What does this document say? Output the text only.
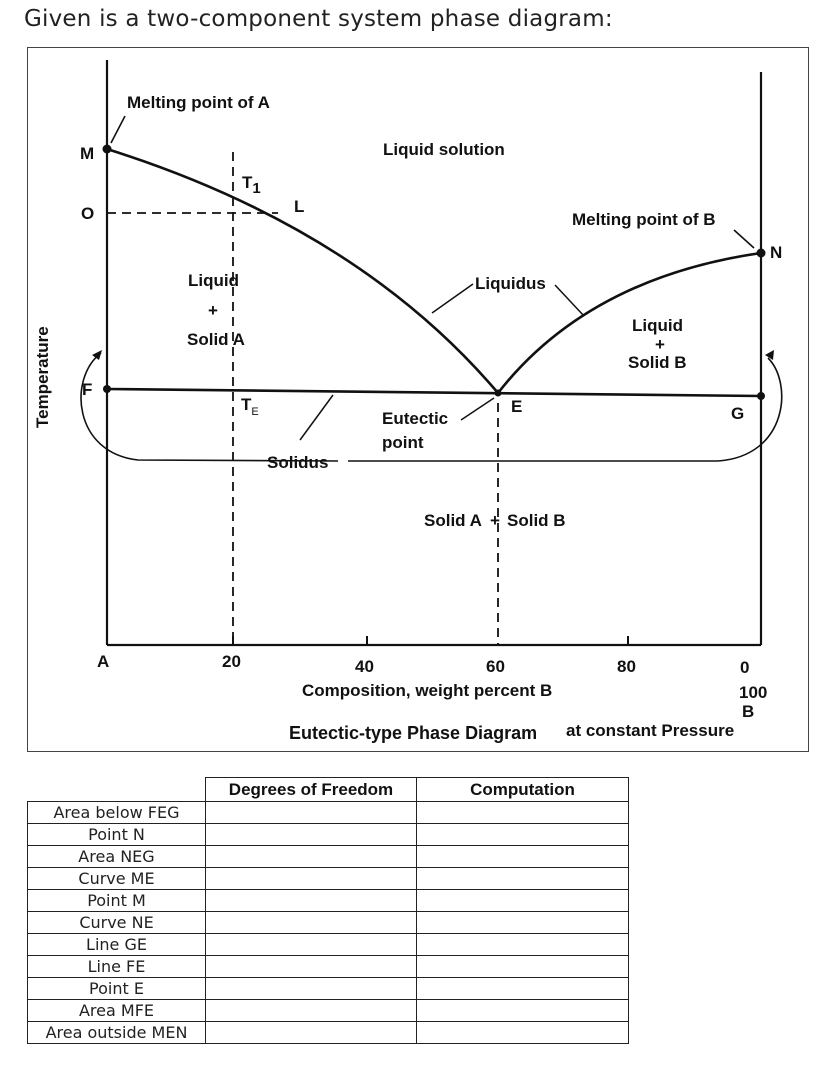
Given is a two-component system phase diagram:
Temperature
M
O
F
L
N
E	G
T1
$T_E$
Melting point of A
Liquid solution
Melting point of B
Liquidus
Liquid
+
Solid A
Liquid
+
Solid B
Eutectic
point
Solidus
Solid A + Solid B
A	20	40	60	80	0
100
B
Composition, weight percent B
Eutectic-type Phase Diagram at constant Pressure
	Degrees of Freedom	Computation
Area below FEG		
Point N		
Area NEG		
Curve ME		
Point M		
Curve NE		
Line GE		
Line FE		
Point E		
Area MFE		
Area outside MEN		
